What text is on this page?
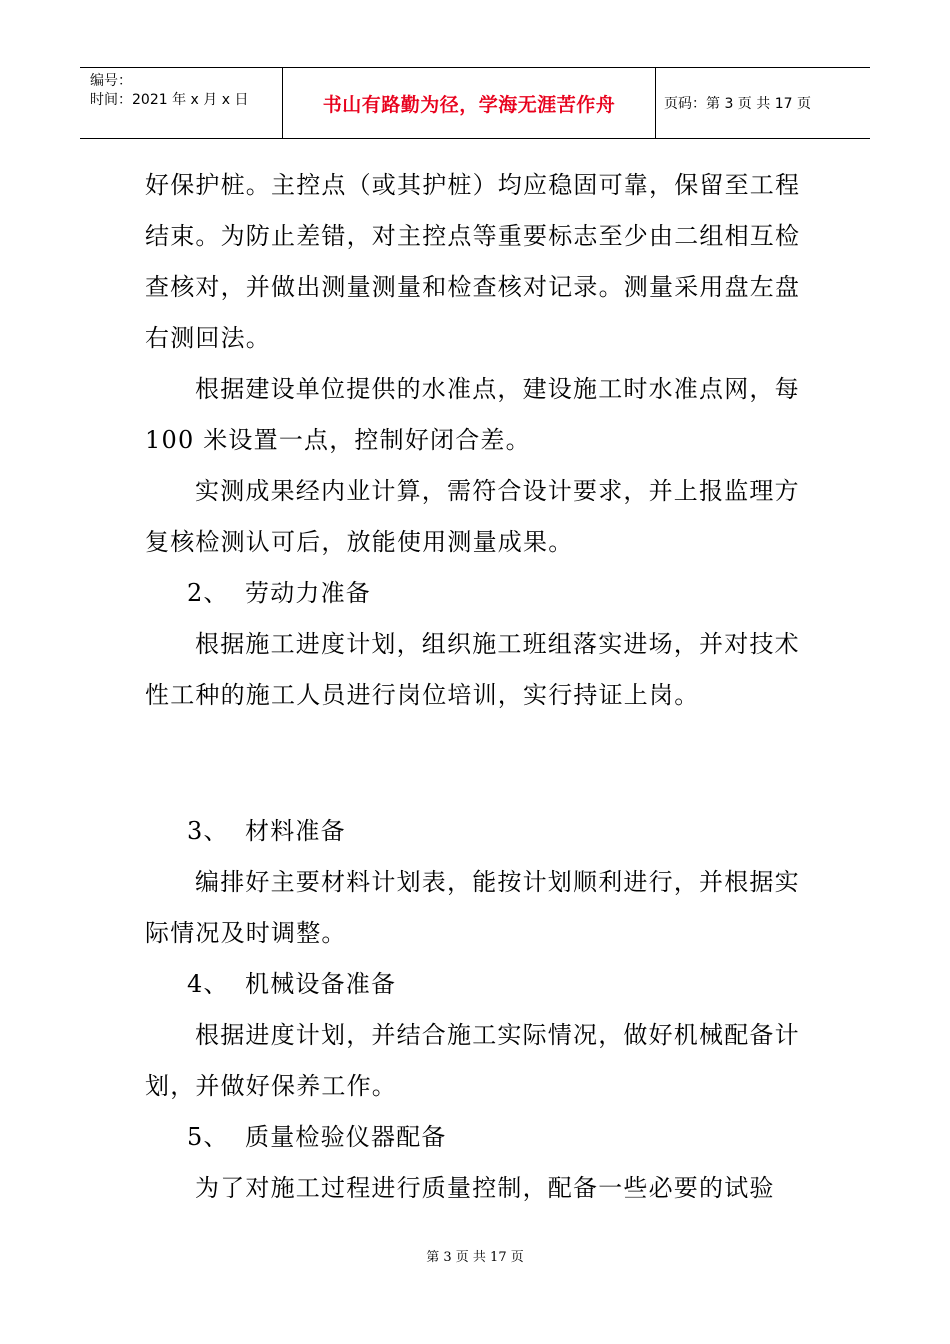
编号：
时间：2021 年 x 月 x 日	书山有路勤为径，学海无涯苦作舟	页码：第 3 页 共 17 页

好保护桩。主控点（或其护桩）均应稳固可靠，保留至工程结束。为防止差错，对主控点等重要标志至少由二组相互检查核对，并做出测量测量和检查核对记录。测量采用盘左盘右测回法。

根据建设单位提供的水准点，建设施工时水准点网，每 100 米设置一点，控制好闭合差。

实测成果经内业计算，需符合设计要求，并上报监理方复核检测认可后，放能使用测量成果。

2、 劳动力准备

根据施工进度计划，组织施工班组落实进场，并对技术性工种的施工人员进行岗位培训，实行持证上岗。

3、 材料准备

编排好主要材料计划表，能按计划顺利进行，并根据实际情况及时调整。

4、 机械设备准备

根据进度计划，并结合施工实际情况，做好机械配备计划，并做好保养工作。

5、 质量检验仪器配备

为了对施工过程进行质量控制，配备一些必要的试验

第 3 页 共 17 页
